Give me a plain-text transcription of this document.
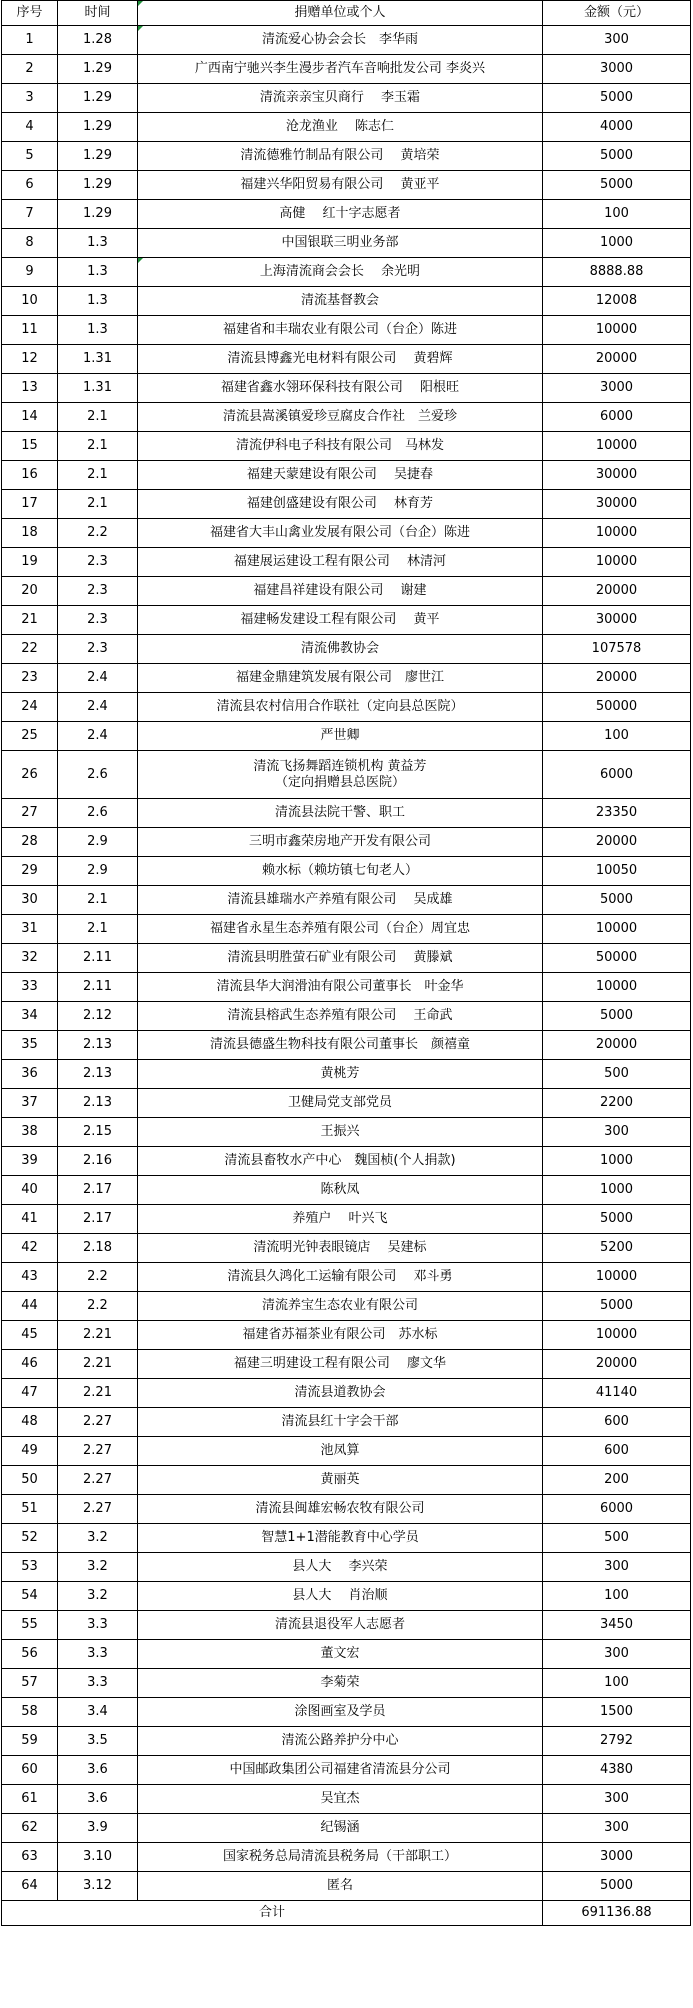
序号	时间	捐赠单位或个人	金额（元）
1	1.28	清流爱心协会会长　李华雨	300
2	1.29	广西南宁驰兴李生漫步者汽车音响批发公司 李炎兴	3000
3	1.29	清流亲亲宝贝商行　 李玉霜	5000
4	1.29	沧龙渔业　 陈志仁	4000
5	1.29	清流德雅竹制品有限公司　 黄培荣	5000
6	1.29	福建兴华阳贸易有限公司　 黄亚平	5000
7	1.29	高健　 红十字志愿者	100
8	1.3	中国银联三明业务部	1000
9	1.3	上海清流商会会长　 余光明	8888.88
10	1.3	清流基督教会	12008
11	1.3	福建省和丰瑞农业有限公司（台企）陈进	10000
12	1.31	清流县博鑫光电材料有限公司　 黄碧辉	20000
13	1.31	福建省鑫水翎环保科技有限公司　 阳根旺	3000
14	2.1	清流县嵩溪镇爱珍豆腐皮合作社　兰爱珍	6000
15	2.1	清流伊科电子科技有限公司　马林发	10000
16	2.1	福建天蒙建设有限公司　 吴捷春	30000
17	2.1	福建创盛建设有限公司　 林育芳	30000
18	2.2	福建省大丰山禽业发展有限公司（台企）陈进	10000
19	2.3	福建展运建设工程有限公司　 林清河	10000
20	2.3	福建昌祥建设有限公司　 谢建	20000
21	2.3	福建畅发建设工程有限公司　 黄平	30000
22	2.3	清流佛教协会	107578
23	2.4	福建金鼎建筑发展有限公司　廖世江	20000
24	2.4	清流县农村信用合作联社（定向县总医院）	50000
25	2.4	严世卿	100
26	2.6	清流飞扬舞蹈连锁机构 黄益芳
（定向捐赠县总医院）	6000
27	2.6	清流县法院干警、职工	23350
28	2.9	三明市鑫荣房地产开发有限公司	20000
29	2.9	赖水标（赖坊镇七旬老人）	10050
30	2.1	清流县雄瑞水产养殖有限公司　 吴成雄	5000
31	2.1	福建省永星生态养殖有限公司（台企）周宜忠	10000
32	2.11	清流县明胜萤石矿业有限公司　 黄滕斌	50000
33	2.11	清流县华大润滑油有限公司董事长　叶金华	10000
34	2.12	清流县榕武生态养殖有限公司　 王命武	5000
35	2.13	清流县德盛生物科技有限公司董事长　颜禧童	20000
36	2.13	黄桃芳	500
37	2.13	卫健局党支部党员	2200
38	2.15	王振兴	300
39	2.16	清流县畜牧水产中心　魏国桢(个人捐款)	1000
40	2.17	陈秋凤	1000
41	2.17	养殖户　 叶兴飞	5000
42	2.18	清流明光钟表眼镜店　 吴建标	5200
43	2.2	清流县久鸿化工运输有限公司　 邓斗勇	10000
44	2.2	清流养宝生态农业有限公司	5000
45	2.21	福建省苏福茶业有限公司　苏水标	10000
46	2.21	福建三明建设工程有限公司　 廖文华	20000
47	2.21	清流县道教协会	41140
48	2.27	清流县红十字会干部	600
49	2.27	池凤算	600
50	2.27	黄丽英	200
51	2.27	清流县闽雄宏畅农牧有限公司	6000
52	3.2	智慧1+1潜能教育中心学员	500
53	3.2	县人大　 李兴荣	300
54	3.2	县人大　 肖治顺	100
55	3.3	清流县退役军人志愿者	3450
56	3.3	董文宏	300
57	3.3	李菊荣	100
58	3.4	涂图画室及学员	1500
59	3.5	清流公路养护分中心	2792
60	3.6	中国邮政集团公司福建省清流县分公司	4380
61	3.6	吴宜杰	300
62	3.9	纪锡涵	300
63	3.10	国家税务总局清流县税务局（干部职工）	3000
64	3.12	匿名	5000
合计			691136.88
